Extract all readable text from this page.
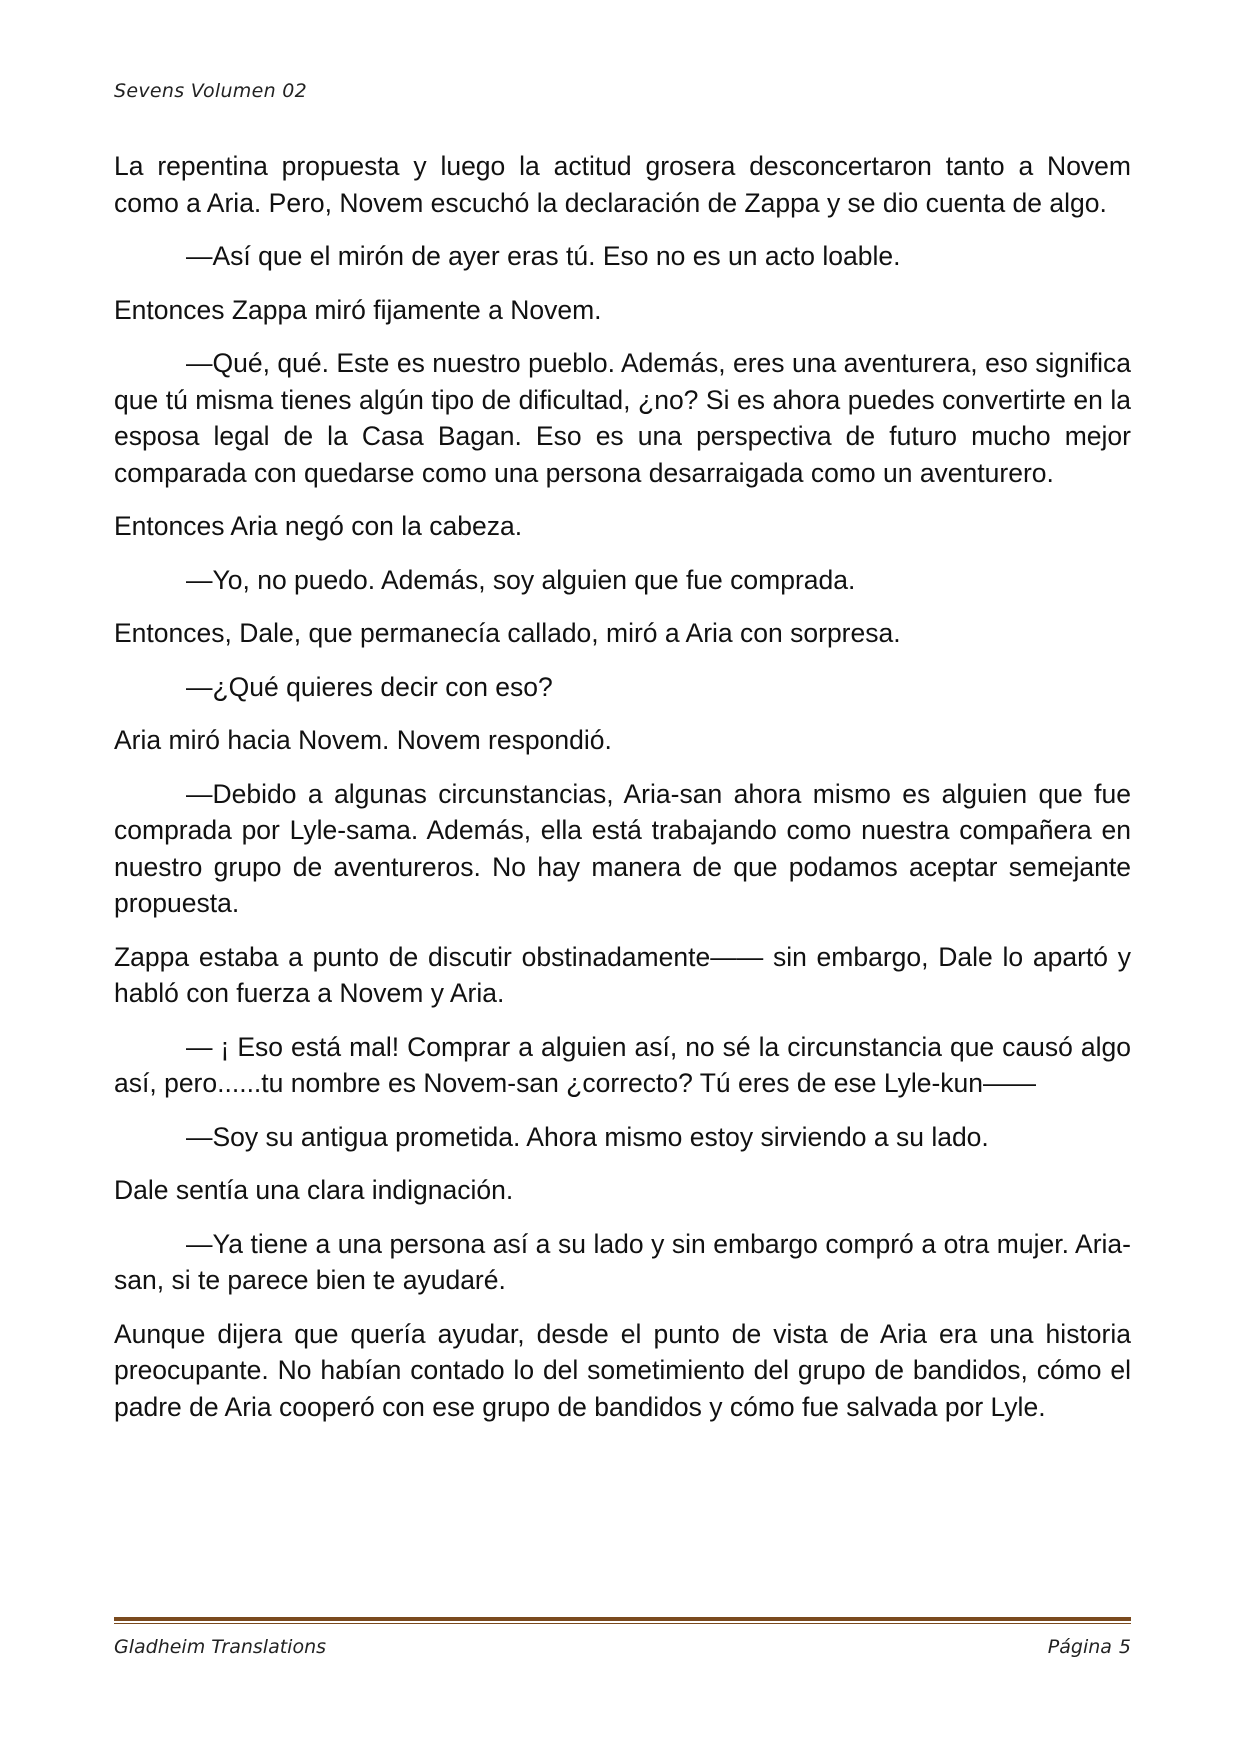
Sevens Volumen 02

La repentina propuesta y luego la actitud grosera desconcertaron tanto a Novem como a Aria. Pero, Novem escuchó la declaración de Zappa y se dio cuenta de algo.

—Así que el mirón de ayer eras tú. Eso no es un acto loable.

Entonces Zappa miró fijamente a Novem.

—Qué, qué. Este es nuestro pueblo. Además, eres una aventurera, eso significa que tú misma tienes algún tipo de dificultad, ¿no? Si es ahora puedes convertirte en la esposa legal de la Casa Bagan. Eso es una perspectiva de futuro mucho mejor comparada con quedarse como una persona desarraigada como un aventurero.

Entonces Aria negó con la cabeza.

—Yo, no puedo. Además, soy alguien que fue comprada.

Entonces, Dale, que permanecía callado, miró a Aria con sorpresa.

—¿Qué quieres decir con eso?

Aria miró hacia Novem. Novem respondió.

—Debido a algunas circunstancias, Aria-san ahora mismo es alguien que fue comprada por Lyle-sama. Además, ella está trabajando como nuestra compañera en nuestro grupo de aventureros. No hay manera de que podamos aceptar semejante propuesta.

Zappa estaba a punto de discutir obstinadamente—— sin embargo, Dale lo apartó y habló con fuerza a Novem y Aria.

— ¡ Eso está mal! Comprar a alguien así, no sé la circunstancia que causó algo así, pero......tu nombre es Novem-san ¿correcto? Tú eres de ese Lyle-kun——

—Soy su antigua prometida. Ahora mismo estoy sirviendo a su lado.

Dale sentía una clara indignación.

—Ya tiene a una persona así a su lado y sin embargo compró a otra mujer. Aria-san, si te parece bien te ayudaré.

Aunque dijera que quería ayudar, desde el punto de vista de Aria era una historia preocupante. No habían contado lo del sometimiento del grupo de bandidos, cómo el padre de Aria cooperó con ese grupo de bandidos y cómo fue salvada por Lyle.

Gladheim Translations	Página 5
